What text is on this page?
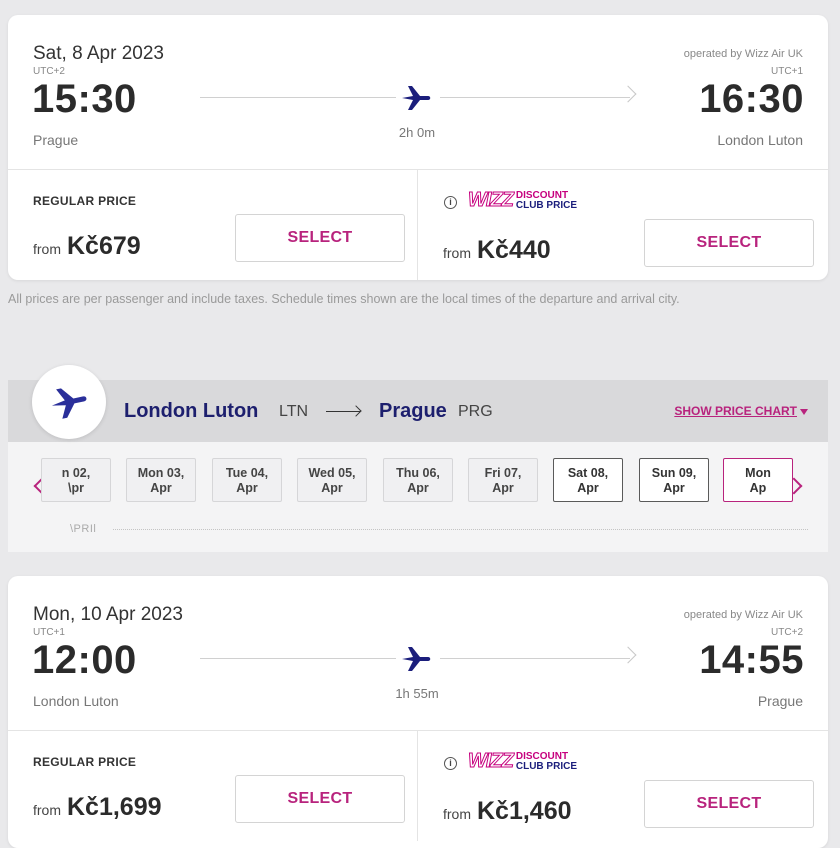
Sat, 8 Apr 2023
UTC+2
operated by Wizz Air UK
UTC+1
15:30	16:30
2h 0m
Prague	London Luton
REGULAR PRICE
from Kč679	SELECT
i WIZZ DISCOUNT
CLUB PRICE
from Kč440	SELECT
All prices are per passenger and include taxes. Schedule times shown are the local times of the departure and arrival city.
London Luton LTN	Prague PRG	SHOW PRICE CHART
n 02,
\pr
Mon 03,
Apr
Tue 04,
Apr
Wed 05,
Apr
Thu 06,
Apr
Fri 07,
Apr
Sat 08,
Apr
Sun 09,
Apr
Mon
Ap
\PRIl
Mon, 10 Apr 2023
UTC+1
operated by Wizz Air UK
UTC+2
12:00	14:55
1h 55m
London Luton	Prague
REGULAR PRICE
from Kč1,699	SELECT
i WIZZ DISCOUNT
CLUB PRICE
from Kč1,460	SELECT
